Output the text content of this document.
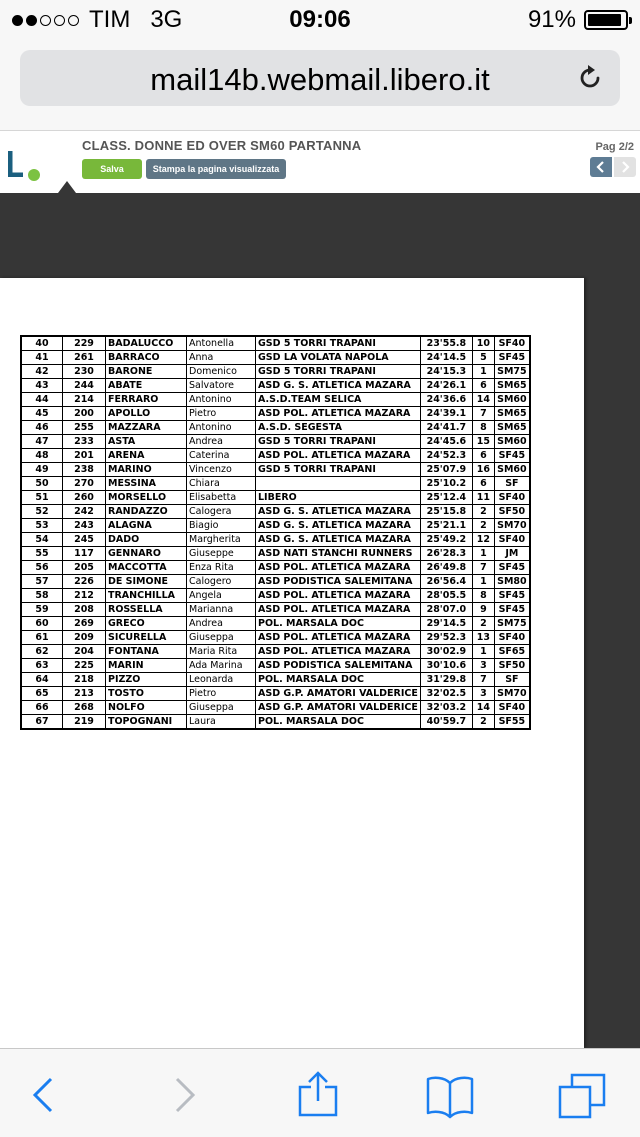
TIM 3G	09:06	91%
mail14b.webmail.libero.it
CLASS. DONNE ED OVER SM60 PARTANNA
Salva	Stampa la pagina visualizzata
Pag 2/2
40	229	BADALUCCO	Antonella	GSD 5 TORRI TRAPANI	23'55.8	10	SF40
41	261	BARRACO	Anna	GSD LA VOLATA NAPOLA	24'14.5	5	SF45
42	230	BARONE	Domenico	GSD 5 TORRI TRAPANI	24'15.3	1	SM75
43	244	ABATE	Salvatore	ASD G. S. ATLETICA MAZARA	24'26.1	6	SM65
44	214	FERRARO	Antonino	A.S.D.TEAM SELICA	24'36.6	14	SM60
45	200	APOLLO	Pietro	ASD POL. ATLETICA MAZARA	24'39.1	7	SM65
46	255	MAZZARA	Antonino	A.S.D. SEGESTA	24'41.7	8	SM65
47	233	ASTA	Andrea	GSD 5 TORRI TRAPANI	24'45.6	15	SM60
48	201	ARENA	Caterina	ASD POL. ATLETICA MAZARA	24'52.3	6	SF45
49	238	MARINO	Vincenzo	GSD 5 TORRI TRAPANI	25'07.9	16	SM60
50	270	MESSINA	Chiara		25'10.2	6	SF
51	260	MORSELLO	Elisabetta	LIBERO	25'12.4	11	SF40
52	242	RANDAZZO	Calogera	ASD G. S. ATLETICA MAZARA	25'15.8	2	SF50
53	243	ALAGNA	Biagio	ASD G. S. ATLETICA MAZARA	25'21.1	2	SM70
54	245	DADO	Margherita	ASD G. S. ATLETICA MAZARA	25'49.2	12	SF40
55	117	GENNARO	Giuseppe	ASD NATI STANCHI RUNNERS	26'28.3	1	JM
56	205	MACCOTTA	Enza Rita	ASD POL. ATLETICA MAZARA	26'49.8	7	SF45
57	226	DE SIMONE	Calogero	ASD PODISTICA SALEMITANA	26'56.4	1	SM80
58	212	TRANCHILLA	Angela	ASD POL. ATLETICA MAZARA	28'05.5	8	SF45
59	208	ROSSELLA	Marianna	ASD POL. ATLETICA MAZARA	28'07.0	9	SF45
60	269	GRECO	Andrea	POL. MARSALA DOC	29'14.5	2	SM75
61	209	SICURELLA	Giuseppa	ASD POL. ATLETICA MAZARA	29'52.3	13	SF40
62	204	FONTANA	Maria Rita	ASD POL. ATLETICA MAZARA	30'02.9	1	SF65
63	225	MARIN	Ada Marina	ASD PODISTICA SALEMITANA	30'10.6	3	SF50
64	218	PIZZO	Leonarda	POL. MARSALA DOC	31'29.8	7	SF
65	213	TOSTO	Pietro	ASD G.P. AMATORI VALDERICE	32'02.5	3	SM70
66	268	NOLFO	Giuseppa	ASD G.P. AMATORI VALDERICE	32'03.2	14	SF40
67	219	TOPOGNANI	Laura	POL. MARSALA DOC	40'59.7	2	SF55
